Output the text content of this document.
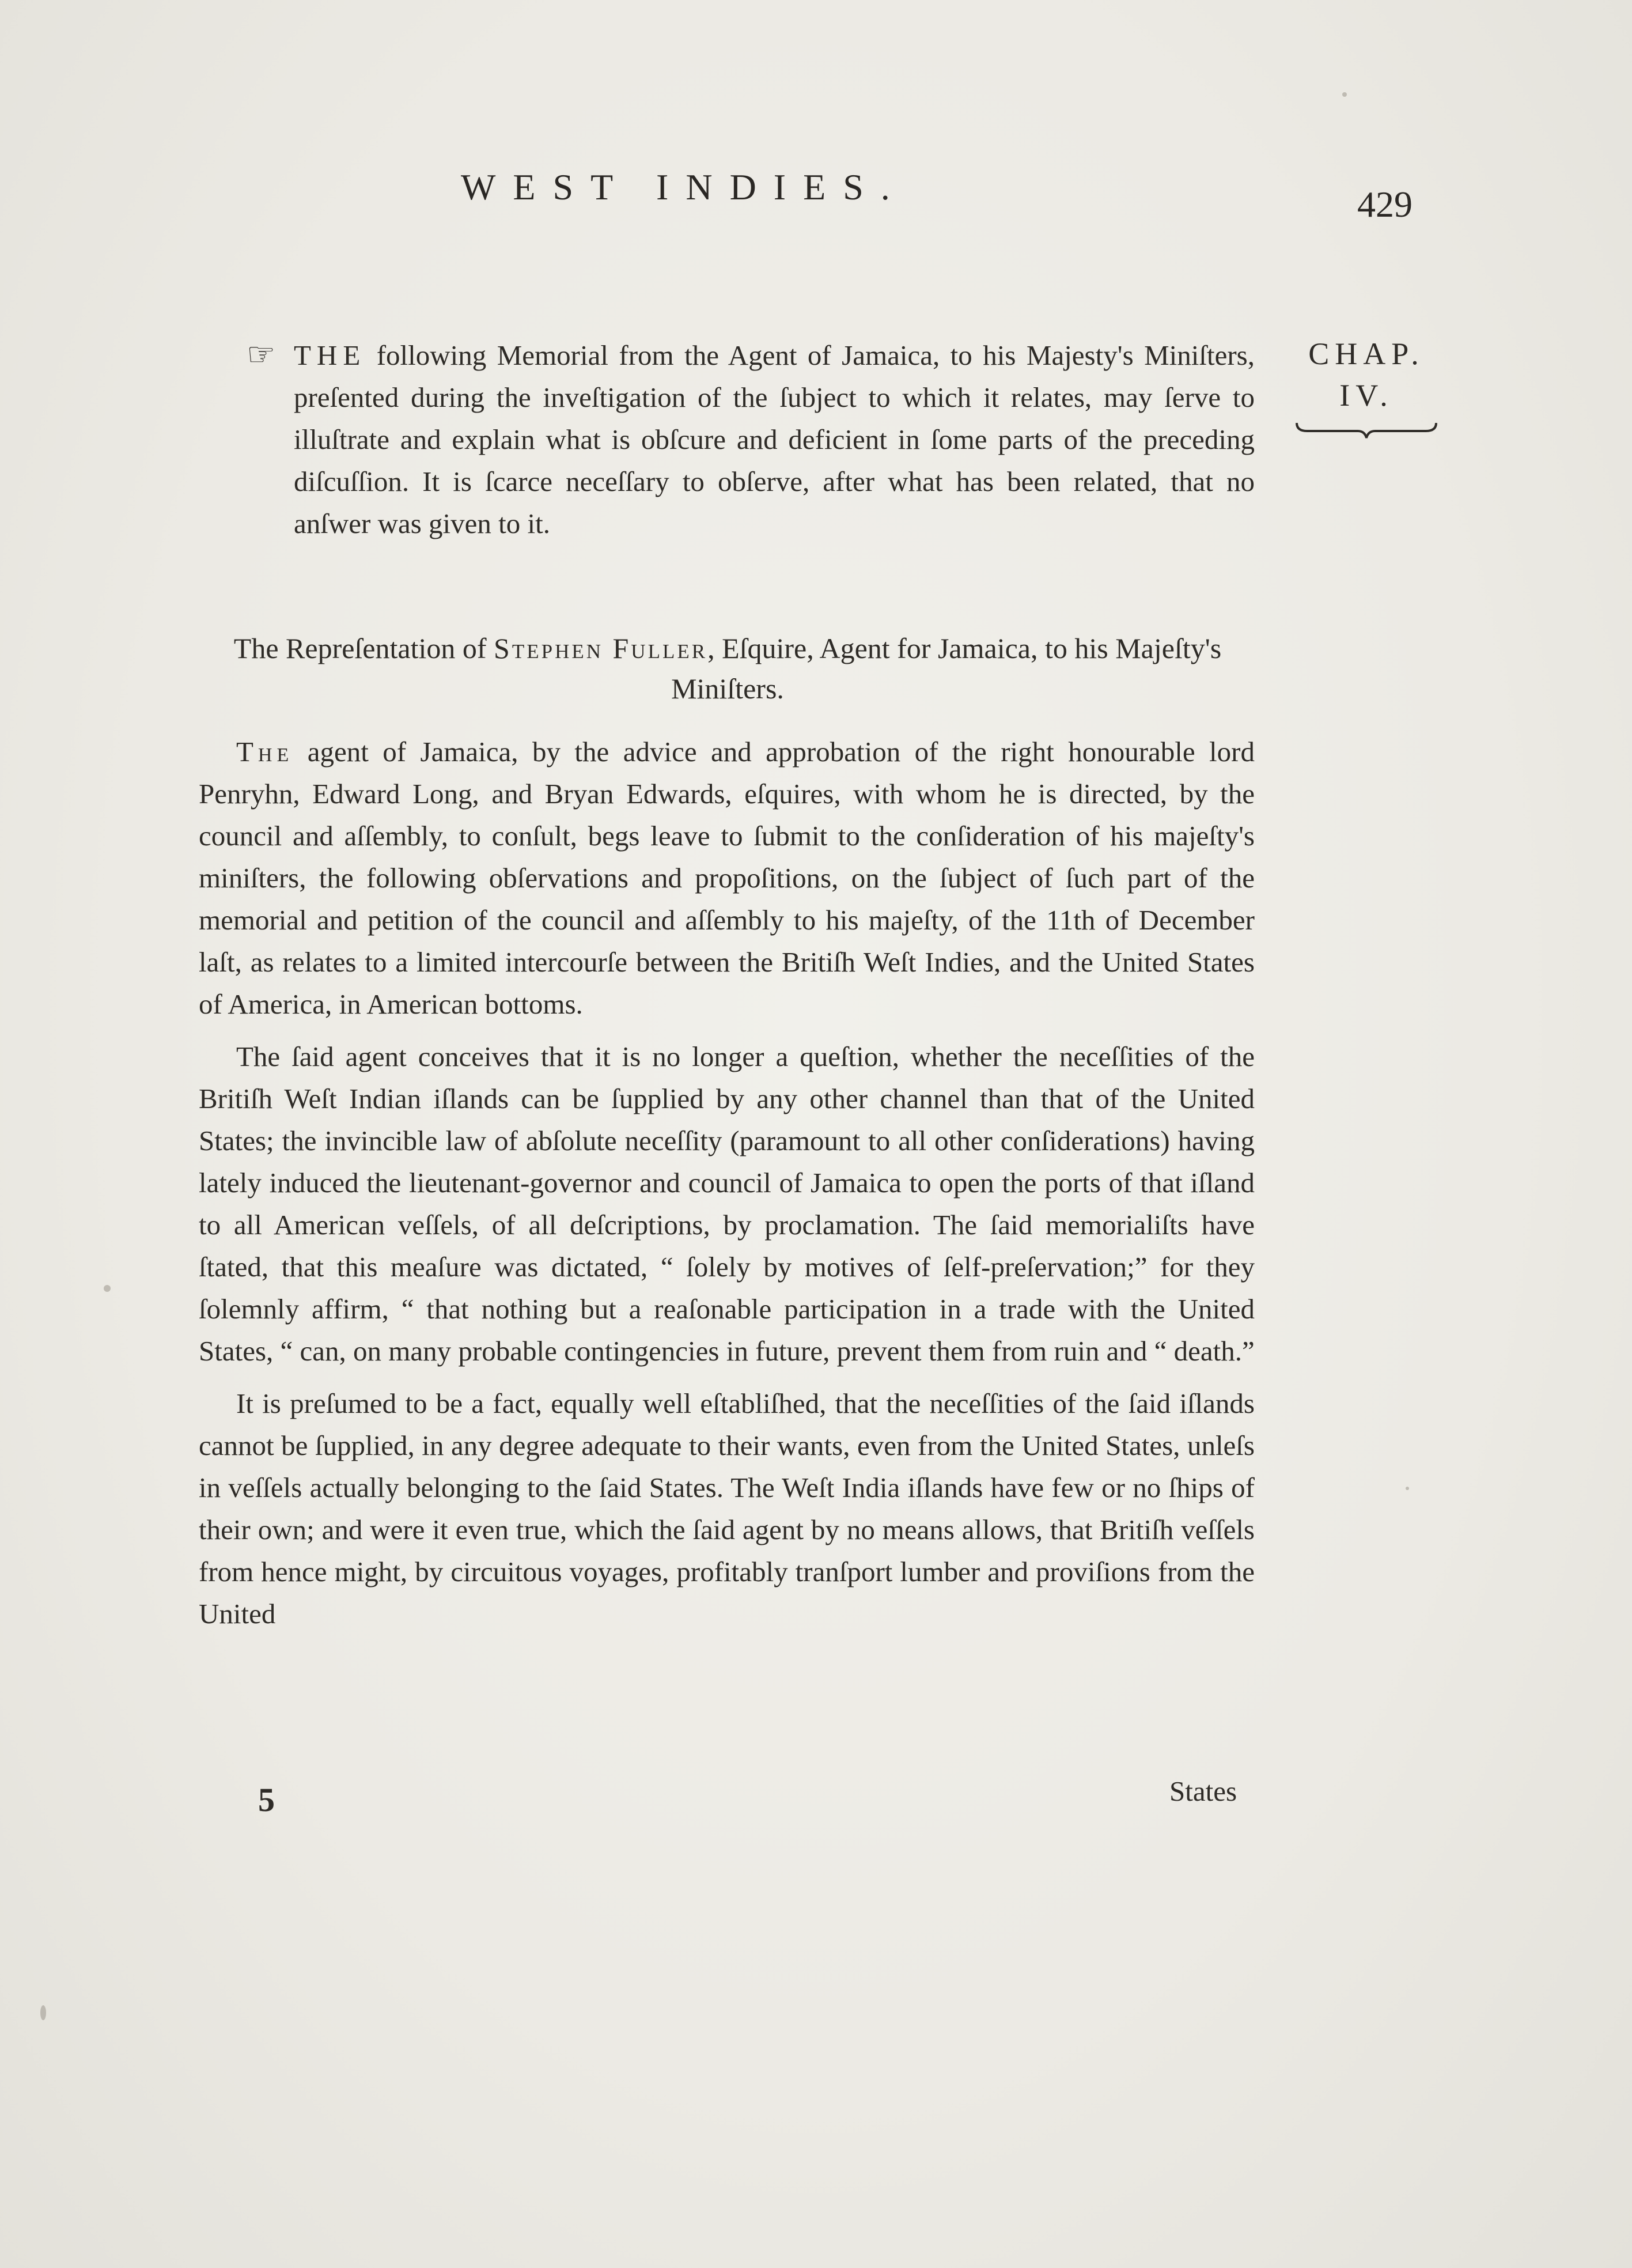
WEST INDIES.	429
CHAP.
IV.
☞ THE following Memorial from the Agent of Jamaica, to his Majesty's Miniſters, preſented during the inveſtigation of the ſubject to which it relates, may ſerve to illuſtrate and explain what is obſcure and deficient in ſome parts of the preceding diſcuſſion. It is ſcarce neceſſary to obſerve, after what has been related, that no anſwer was given to it.
The Repreſentation of Stephen Fuller, Eſquire, Agent for Jamaica, to his Majeſty's Miniſters.

The agent of Jamaica, by the advice and approbation of the right honourable lord Penryhn, Edward Long, and Bryan Edwards, eſquires, with whom he is directed, by the council and aſſembly, to conſult, begs leave to ſubmit to the conſideration of his majeſty's miniſters, the following obſervations and propoſitions, on the ſubject of ſuch part of the memorial and petition of the council and aſſembly to his majeſty, of the 11th of December laſt, as relates to a limited intercourſe between the Britiſh Weſt Indies, and the United States of America, in American bottoms.

The ſaid agent conceives that it is no longer a queſtion, whether the neceſſities of the Britiſh Weſt Indian iſlands can be ſupplied by any other channel than that of the United States; the invincible law of abſolute neceſſity (paramount to all other conſiderations) having lately induced the lieutenant-governor and council of Jamaica to open the ports of that iſland to all American veſſels, of all deſcriptions, by proclamation. The ſaid memorialiſts have ſtated, that this meaſure was dictated, “ ſolely by motives of ſelf-preſervation;” for they ſolemnly affirm, “ that nothing but a reaſonable participation in a trade with the United States, “ can, on many probable contingencies in future, prevent them from ruin and “ death.”

It is preſumed to be a fact, equally well eſtabliſhed, that the neceſſities of the ſaid iſlands cannot be ſupplied, in any degree adequate to their wants, even from the United States, unleſs in veſſels actually belonging to the ſaid States. The Weſt India iſlands have few or no ſhips of their own; and were it even true, which the ſaid agent by no means allows, that Britiſh veſſels from hence might, by circuitous voyages, profitably tranſport lumber and proviſions from the United

5	States
